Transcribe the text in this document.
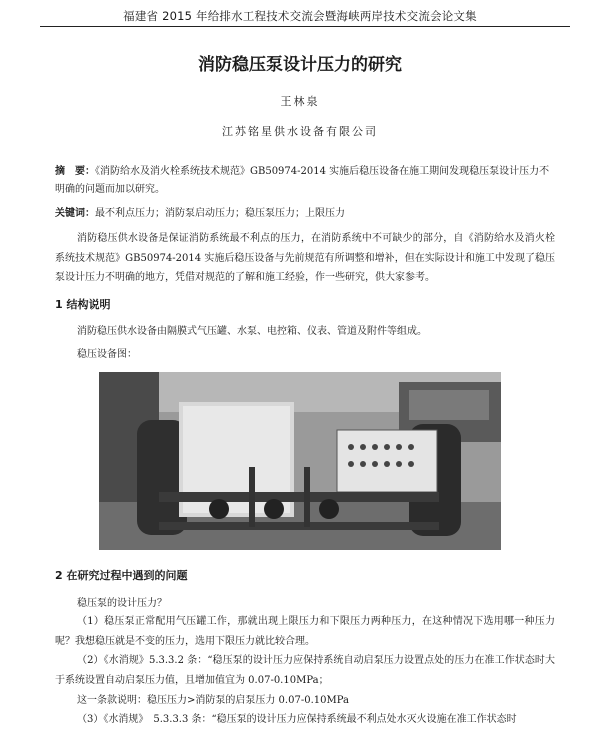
福建省 2015 年给排水工程技术交流会暨海峡两岸技术交流会论文集
消防稳压泵设计压力的研究
王林泉
江苏铭星供水设备有限公司
摘　要：《消防给水及消火栓系统技术规范》GB50974-2014 实施后稳压设备在施工期间发现稳压泵设计压力不明确的问题而加以研究。
关键词：最不利点压力；消防泵启动压力；稳压泵压力；上限压力
消防稳压供水设备是保证消防系统最不利点的压力，在消防系统中不可缺少的部分，自《消防给水及消火栓系统技术规范》GB50974-2014 实施后稳压设备与先前规范有所调整和增补，但在实际设计和施工中发现了稳压泵设计压力不明确的地方，凭借对规范的了解和施工经验，作一些研究，供大家参考。
1 结构说明
消防稳压供水设备由隔膜式气压罐、水泵、电控箱、仪表、管道及附件等组成。
稳压设备图：
2 在研究过程中遇到的问题
稳压泵的设计压力？
（1）稳压泵正常配用气压罐工作，那就出现上限压力和下限压力两种压力，在这种情况下选用哪一种压力呢？我想稳压就是不变的压力，选用下限压力就比较合理。
（2）《水消规》5.3.3.2 条：“稳压泵的设计压力应保持系统自动启泵压力设置点处的压力在准工作状态时大于系统设置自动启泵压力值，且增加值宜为 0.07-0.10MPa；
这一条款说明：稳压压力>消防泵的启泵压力 0.07-0.10MPa
（3）《水消规》　5.3.3.3 条：“稳压泵的设计压力应保持系统最不利点处水灭火设施在准工作状态时
